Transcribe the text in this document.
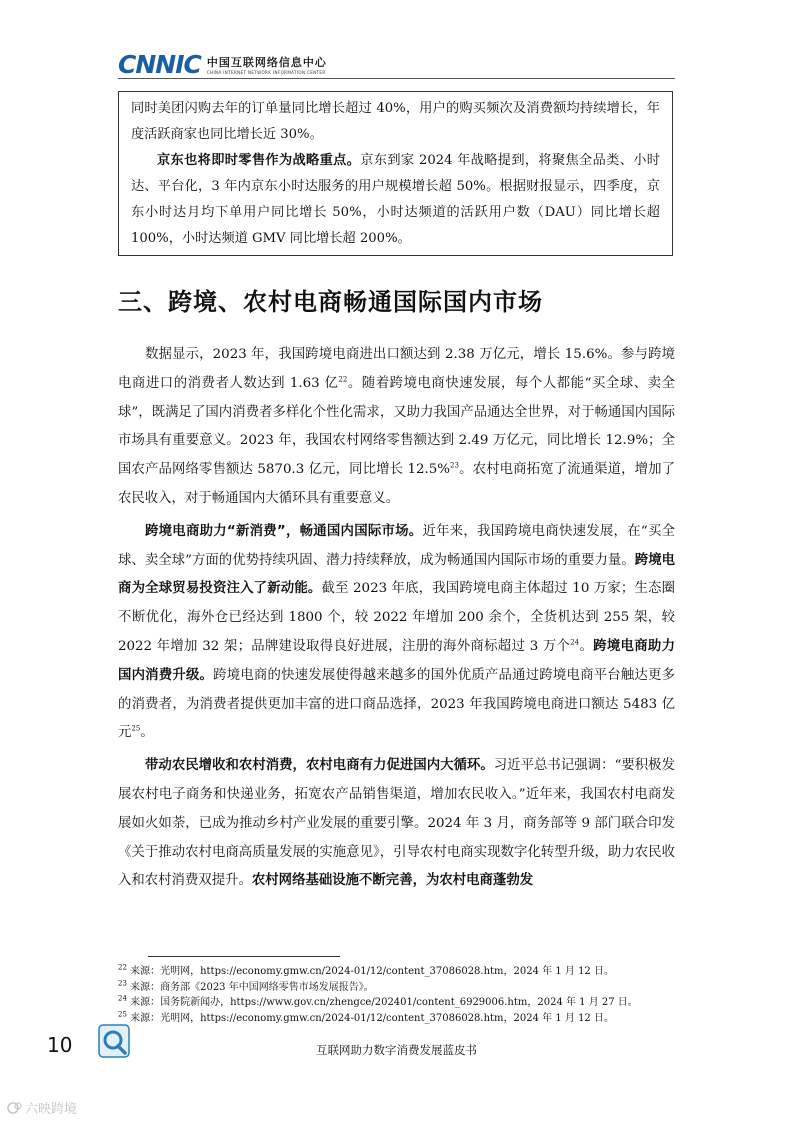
CNNIC 中国互联网络信息中心
CHINA INTERNET NETWORK INFORMATION CENTER

同时美团闪购去年的订单量同比增长超过 40%，用户的购买频次及消费额均持续增长，年度活跃商家也同比增长近 30%。

京东也将即时零售作为战略重点。京东到家 2024 年战略提到，将聚焦全品类、小时达、平台化，3 年内京东小时达服务的用户规模增长超 50%。根据财报显示，四季度，京东小时达月均下单用户同比增长 50%，小时达频道的活跃用户数（DAU）同比增长超 100%，小时达频道 GMV 同比增长超 200%。

三、跨境、农村电商畅通国际国内市场

数据显示，2023 年，我国跨境电商进出口额达到 2.38 万亿元，增长 15.6%。参与跨境电商进口的消费者人数达到 1.63 亿$^{22}$。随着跨境电商快速发展，每个人都能“买全球、卖全球”，既满足了国内消费者多样化个性化需求，又助力我国产品通达全世界，对于畅通国内国际市场具有重要意义。2023 年，我国农村网络零售额达到 2.49 万亿元，同比增长 12.9%；全国农产品网络零售额达 5870.3 亿元，同比增长 12.5%$^{23}$。农村电商拓宽了流通渠道，增加了农民收入，对于畅通国内大循环具有重要意义。

跨境电商助力“新消费”，畅通国内国际市场。近年来，我国跨境电商快速发展，在“买全球、卖全球”方面的优势持续巩固、潜力持续释放，成为畅通国内国际市场的重要力量。跨境电商为全球贸易投资注入了新动能。截至 2023 年底，我国跨境电商主体超过 10 万家；生态圈不断优化，海外仓已经达到 1800 个，较 2022 年增加 200 余个，全货机达到 255 架，较 2022 年增加 32 架；品牌建设取得良好进展，注册的海外商标超过 3 万个$^{24}$。跨境电商助力国内消费升级。跨境电商的快速发展使得越来越多的国外优质产品通过跨境电商平台触达更多的消费者，为消费者提供更加丰富的进口商品选择，2023 年我国跨境电商进口额达 5483 亿元$^{25}$。

带动农民增收和农村消费，农村电商有力促进国内大循环。习近平总书记强调：“要积极发展农村电子商务和快递业务，拓宽农产品销售渠道，增加农民收入。”近年来，我国农村电商发展如火如荼，已成为推动乡村产业发展的重要引擎。2024 年 3 月，商务部等 9 部门联合印发《关于推动农村电商高质量发展的实施意见》，引导农村电商实现数字化转型升级，助力农民收入和农村消费双提升。农村网络基础设施不断完善，为农村电商蓬勃发

$^{22}$ 来源：光明网，https://economy.gmw.cn/2024-01/12/content_37086028.htm，2024 年 1 月 12 日。
$^{23}$ 来源：商务部《2023 年中国网络零售市场发展报告》。
$^{24}$ 来源：国务院新闻办，https://www.gov.cn/zhengce/202401/content_6929006.htm，2024 年 1 月 27 日。
$^{25}$ 来源：光明网，https://economy.gmw.cn/2024-01/12/content_37086028.htm，2024 年 1 月 12 日。
10	互联网助力数字消费发展蓝皮书
六映跨境
